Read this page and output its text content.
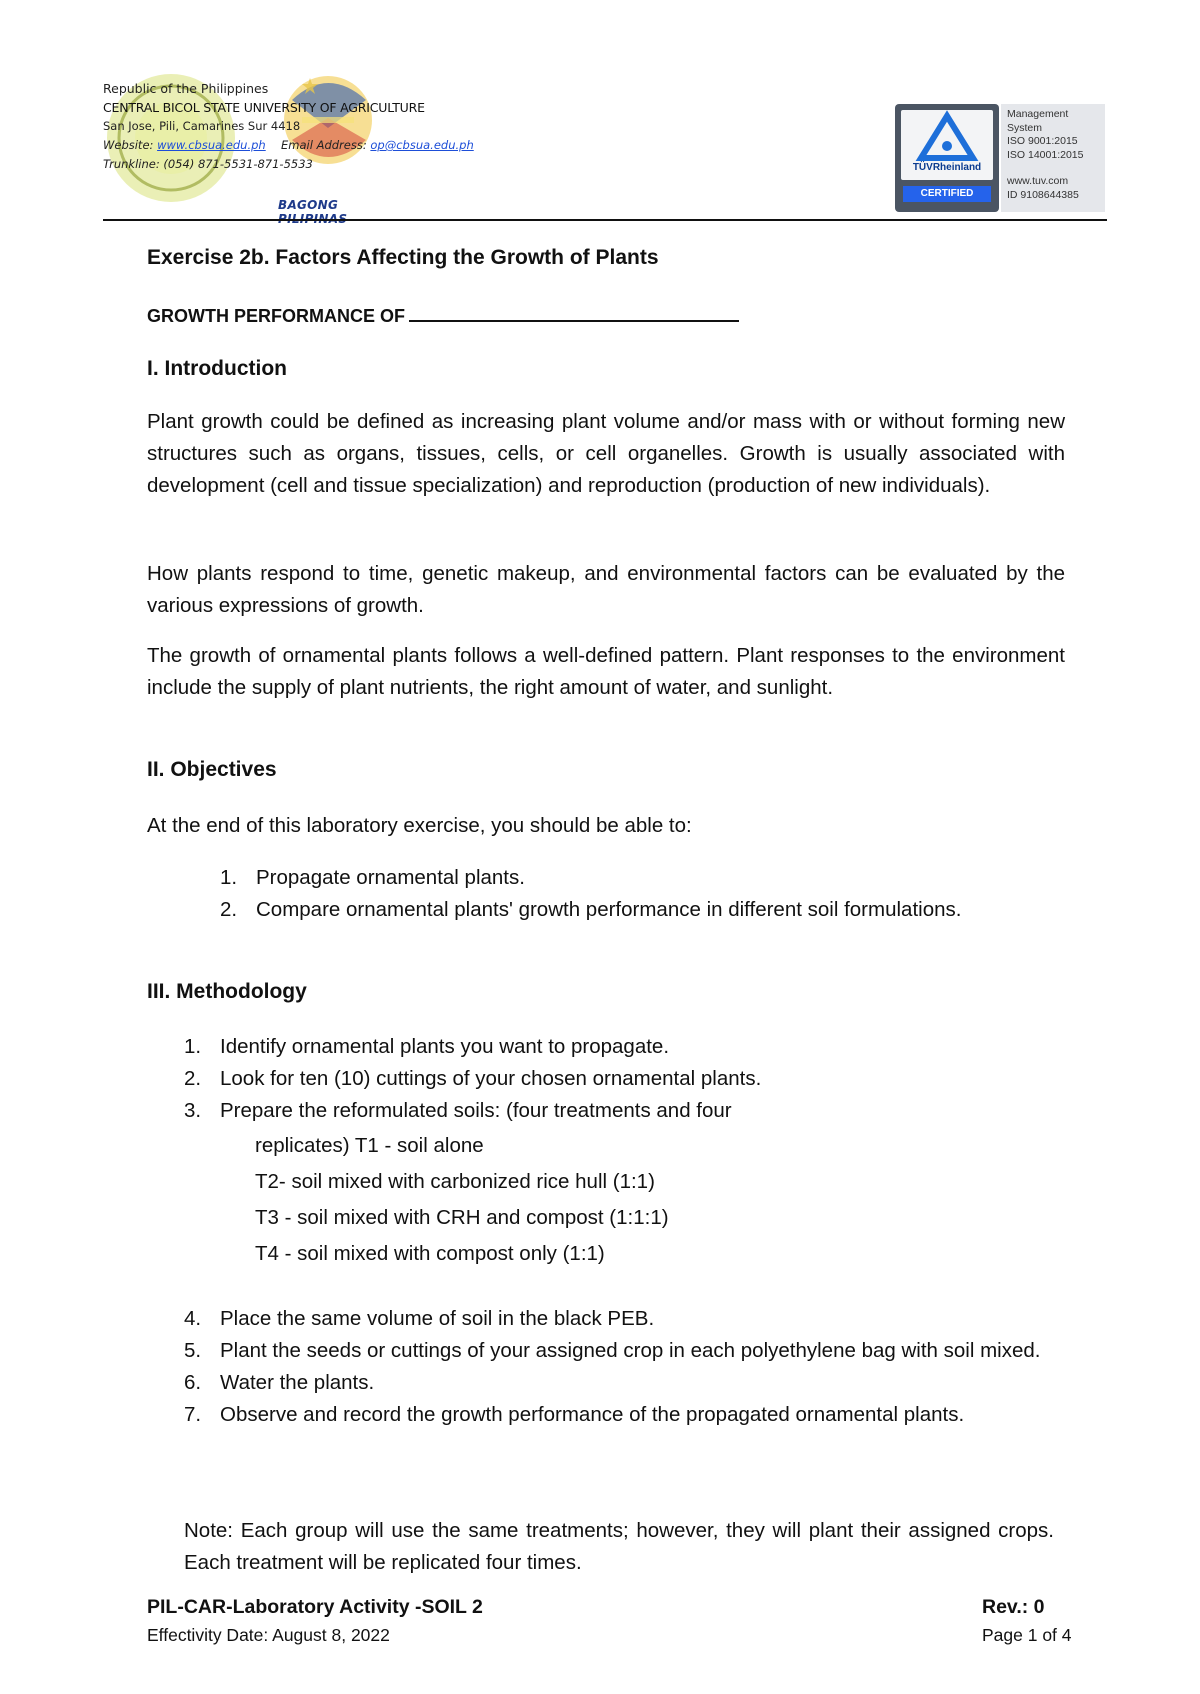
BAGONG
Republic of the Philippines
CENTRAL BICOL STATE UNIVERSITY OF AGRICULTURE
San Jose, Pili, Camarines Sur 4418
Website: www.cbsua.edu.ph Email Address: op@cbsua.edu.ph
Trunkline: (054) 871-5531-871-5533	TÜVRheinland
CERTIFIED
Management
System
ISO 9001:2015
ISO 14001:2015
www.tuv.com
ID 9108644385
Exercise 2b. Factors Affecting the Growth of Plants
GROWTH PERFORMANCE OF
I. Introduction
Plant growth could be defined as increasing plant volume and/or mass with or without forming new structures such as organs, tissues, cells, or cell organelles. Growth is usually associated with development (cell and tissue specialization) and reproduction (production of new individuals).
How plants respond to time, genetic makeup, and environmental factors can be evaluated by the various expressions of growth.
The growth of ornamental plants follows a well-defined pattern. Plant responses to the environment include the supply of plant nutrients, the right amount of water, and sunlight.
II. Objectives
At the end of this laboratory exercise, you should be able to:
1. Propagate ornamental plants.
2. Compare ornamental plants' growth performance in different soil formulations.
III. Methodology
1. Identify ornamental plants you want to propagate.
2. Look for ten (10) cuttings of your chosen ornamental plants.
3. Prepare the reformulated soils: (four treatments and four
replicates) T1 - soil alone
T2- soil mixed with carbonized rice hull (1:1)
T3 - soil mixed with CRH and compost (1:1:1)
T4 - soil mixed with compost only (1:1)
4. Place the same volume of soil in the black PEB.
5. Plant the seeds or cuttings of your assigned crop in each polyethylene bag with soil mixed.
6. Water the plants.
7. Observe and record the growth performance of the propagated ornamental plants.
Note: Each group will use the same treatments; however, they will plant their assigned crops. Each treatment will be replicated four times.
PIL-CAR-Laboratory Activity -SOIL 2
Effectivity Date: August 8, 2022
Rev.: 0
Page 1 of 4
